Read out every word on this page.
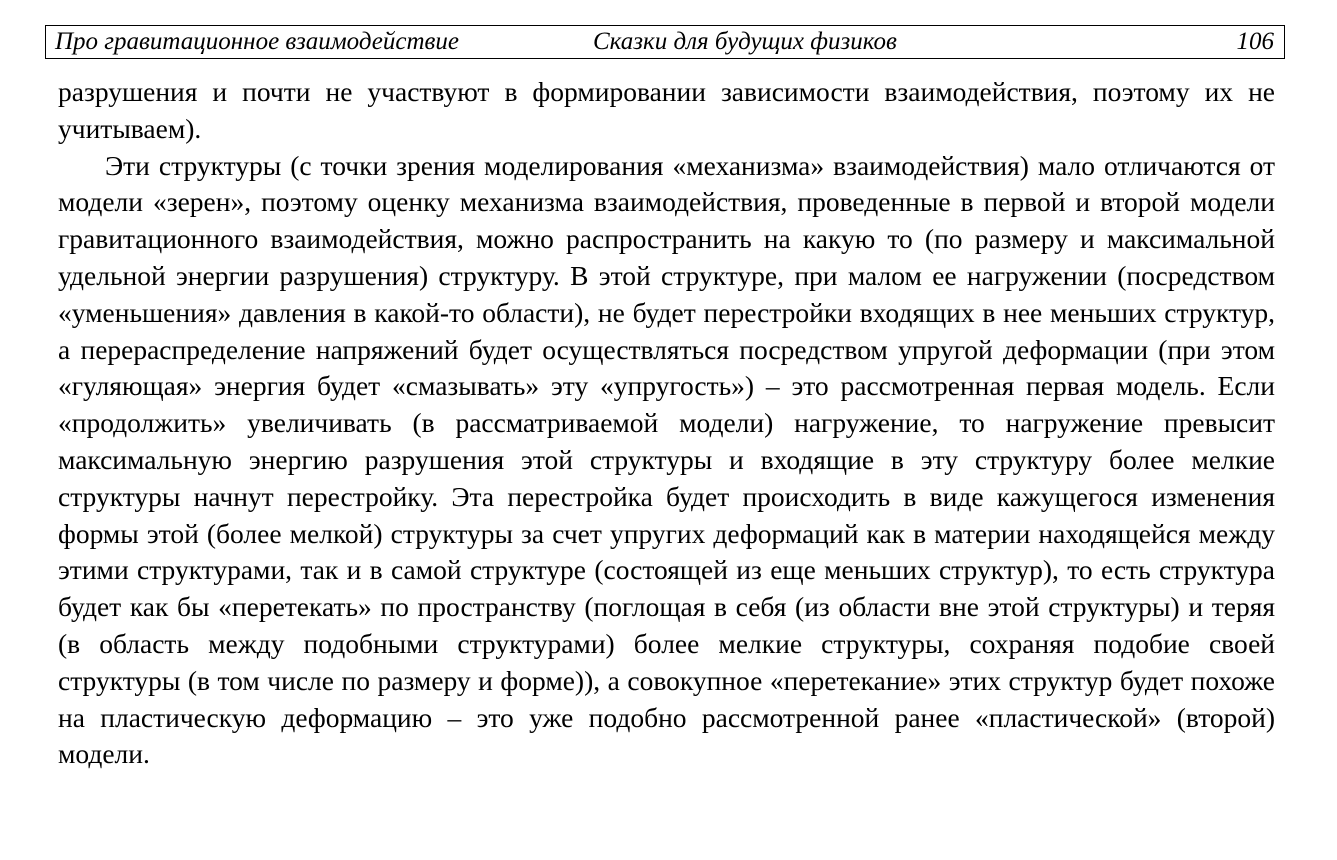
Про гравитационное взаимодействие	Сказки для будущих физиков	106

разрушения и почти не участвуют в формировании зависимости взаимодействия, поэтому их не учитываем).

Эти структуры (с точки зрения моделирования «механизма» взаимодействия) мало отличаются от модели «зерен», поэтому оценку механизма взаимодействия, проведенные в первой и второй модели гравитационного взаимодействия, можно распространить на какую то (по размеру и максимальной удельной энергии разрушения) структуру. В этой структуре, при малом ее нагружении (посредством «уменьшения» давления в какой-то области), не будет перестройки входящих в нее меньших структур, а перераспределение напряжений будет осуществляться посредством упругой деформации (при этом «гуляющая» энергия будет «смазывать» эту «упругость») – это рассмотренная первая модель. Если «продолжить» увеличивать (в рассматриваемой модели) нагружение, то нагружение превысит максимальную энергию разрушения этой структуры и входящие в эту структуру более мелкие структуры начнут перестройку. Эта перестройка будет происходить в виде кажущегося изменения формы этой (более мелкой) структуры за счет упругих деформаций как в материи находящейся между этими структурами, так и в самой структуре (состоящей из еще меньших структур), то есть структура будет как бы «перетекать» по пространству (поглощая в себя (из области вне этой структуры) и теряя (в область между подобными структурами) более мелкие структуры, сохраняя подобие своей структуры (в том числе по размеру и форме)), а совокупное «перетекание» этих структур будет похоже на пластическую деформацию – это уже подобно рассмотренной ранее «пластической» (второй) модели.
